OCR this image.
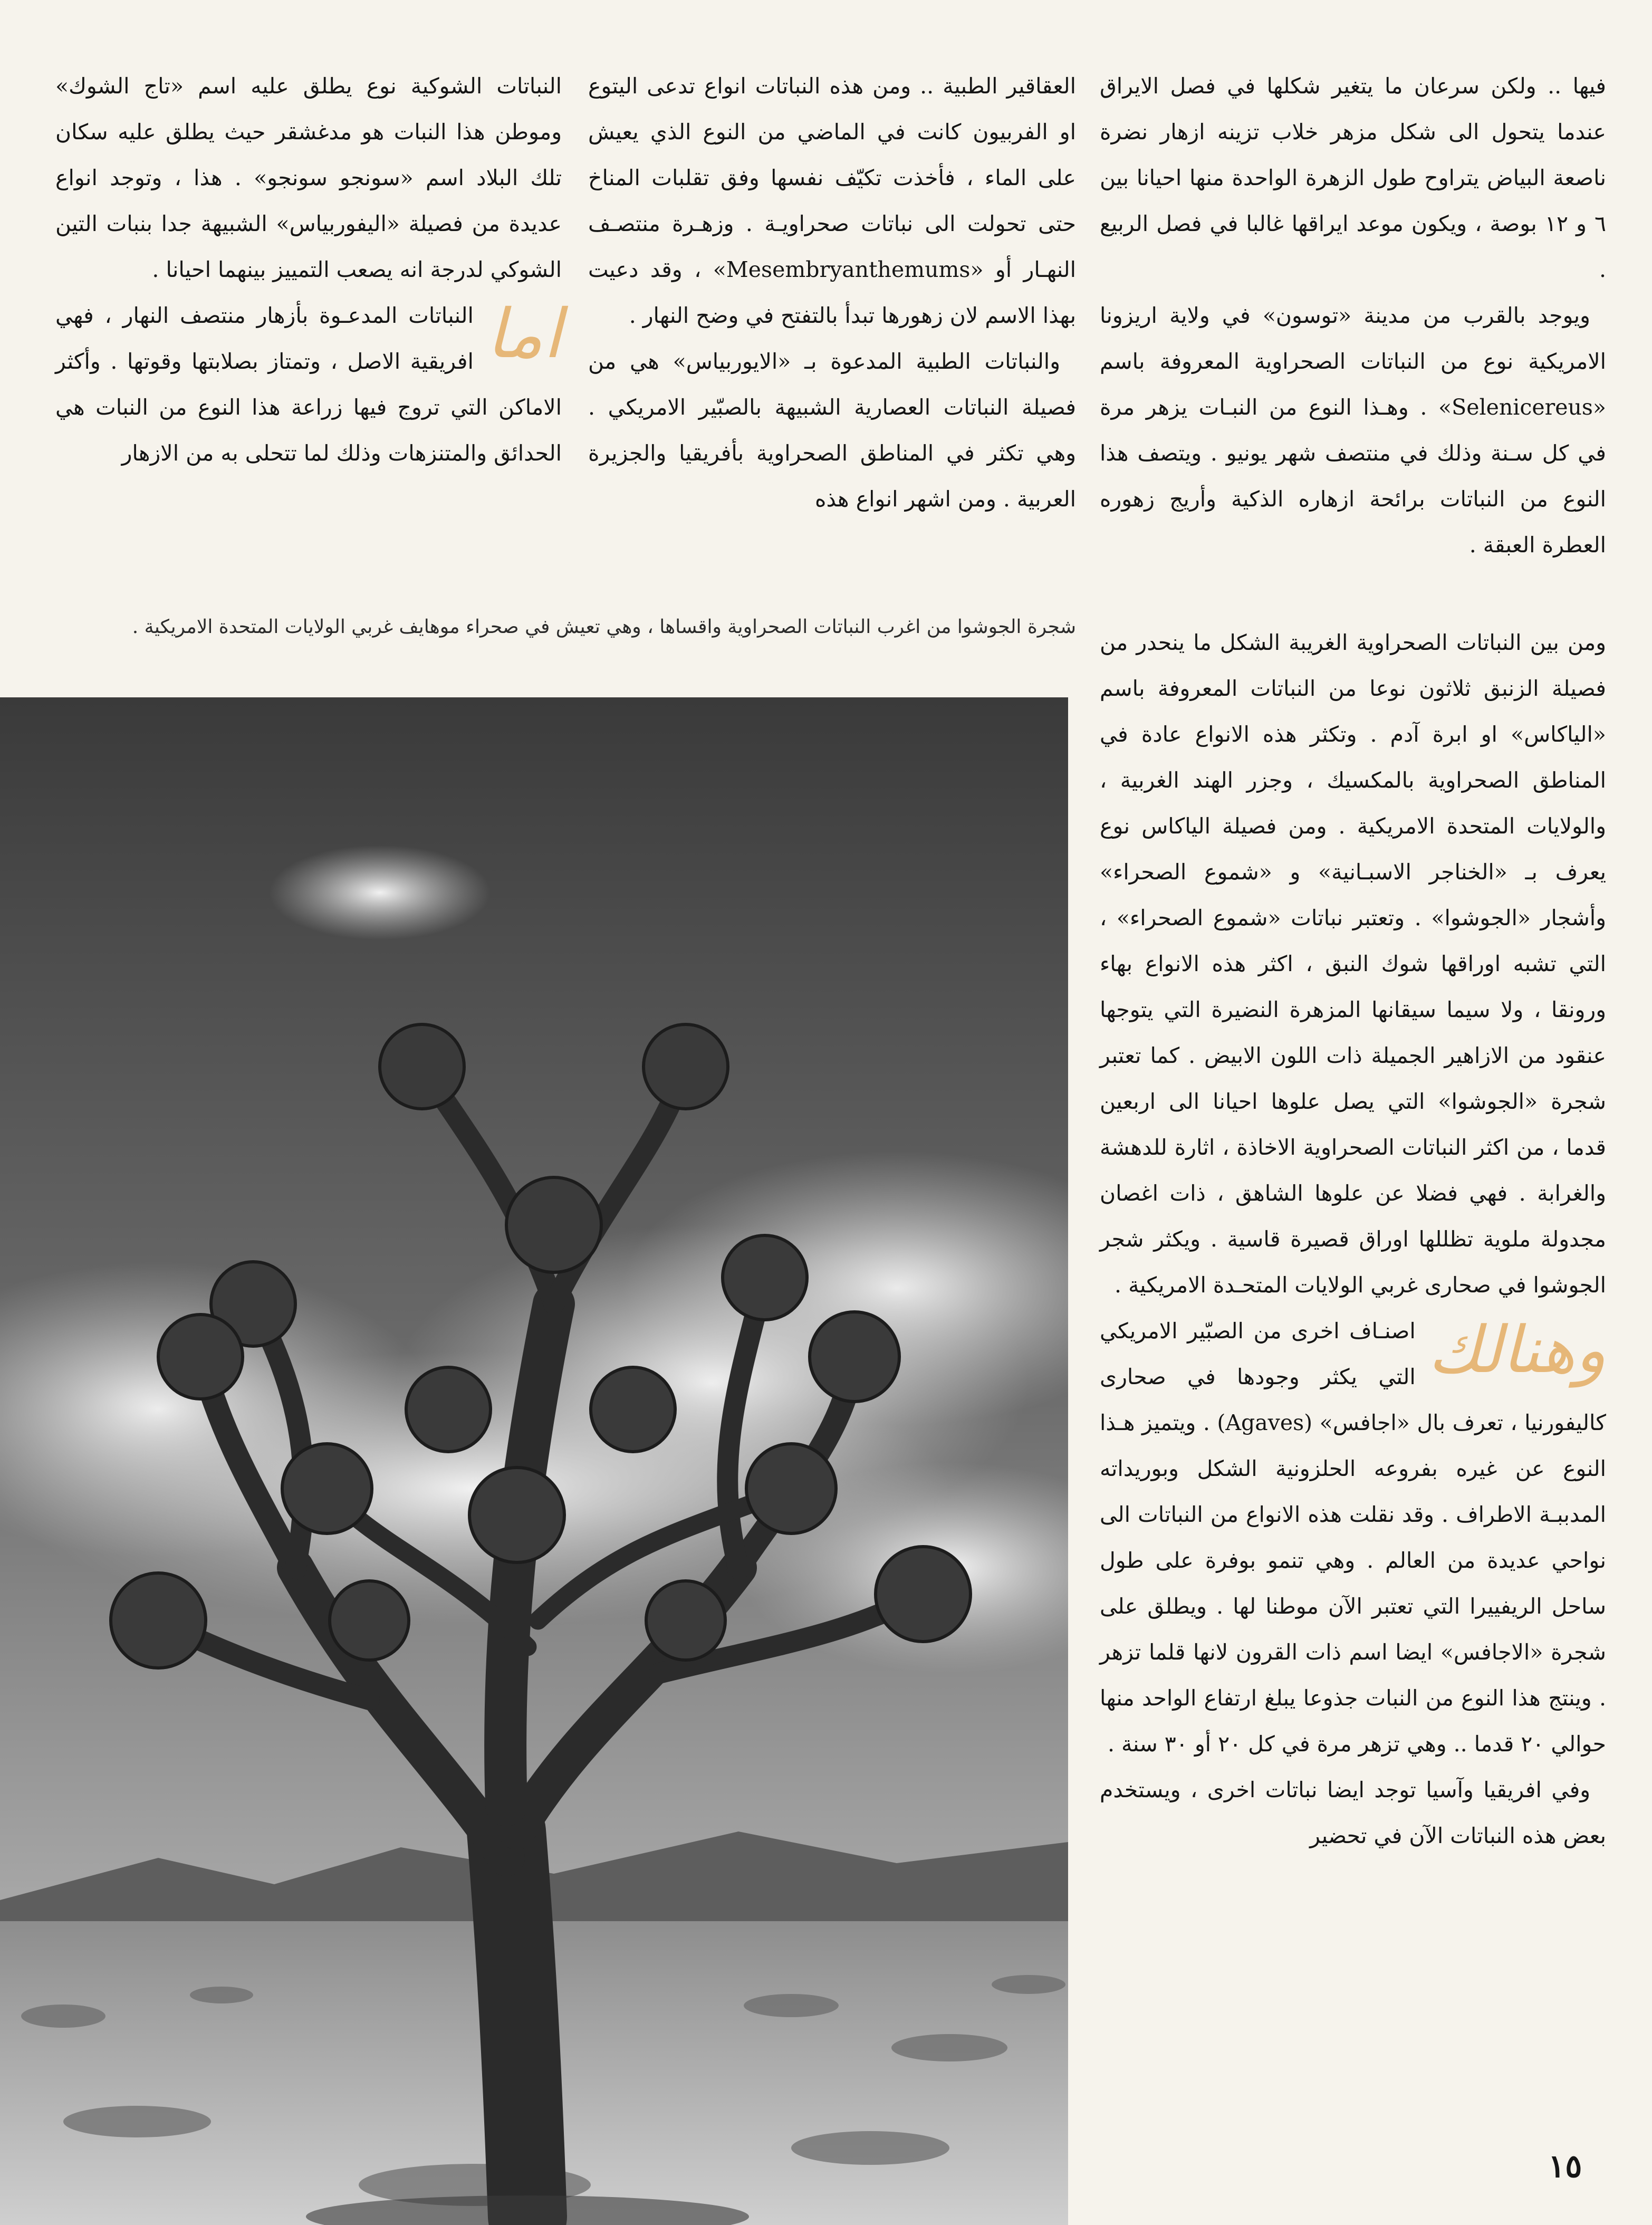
النباتات الشوكية نوع يطلق عليه اسم «تاج الشوك» وموطن هذا النبات هو مدغشقر حيث يطلق عليه سكان تلك البلاد اسم «سونجو سونجو» . هذا ، وتوجد انواع عديدة من فصيلة «اليفوربياس» الشبيهة جدا بنبات التين الشوكي لدرجة انه يصعب التمييز بينهما احيانا .

اما
النباتات المدعـوة بأزهار منتصف النهار ، فهي افريقية الاصل ، وتمتاز بصلابتها وقوتها . وأكثر الاماكن التي تروج فيها زراعة هذا النوع من النبات هي الحدائق والمتنزهات وذلك لما تتحلى به من الازهار

العقاقير الطبية .. ومن هذه النباتات انواع تدعى اليتوع او الفربيون كانت في الماضي من النوع الذي يعيش على الماء ، فأخذت تكيّف نفسها وفق تقلبات المناخ حتى تحولت الى نباتات صحراويـة . وزهـرة منتصـف النهـار أو «Mesembryanthemums» ، وقد دعيت بهذا الاسم لان زهورها تبدأ بالتفتح في وضح النهار .

والنباتات الطبية المدعوة بـ «الايوربياس» هي من فصيلة النباتات العصارية الشبيهة بالصبّير الامريكي . وهي تكثر في المناطق الصحراوية بأفريقيا والجزيرة العربية . ومن اشهر انواع هذه

فيها .. ولكن سرعان ما يتغير شكلها في فصل الايراق عندما يتحول الى شكل مزهر خلاب تزينه ازهار نضرة ناصعة البياض يتراوح طول الزهرة الواحدة منها احيانا بين ٦ و ١٢ بوصة ، ويكون موعد ايراقها غالبا في فصل الربيع .

ويوجد بالقرب من مدينة «توسون» في ولاية اريزونا الامريكية نوع من النباتات الصحراوية المعروفة باسم «Selenicereus» . وهـذا النوع من النبـات يزهر مرة في كل سـنة وذلك في منتصف شهر يونيو . ويتصف هذا النوع من النباتات برائحة ازهاره الذكية وأريج زهوره العطرة العبقة .

ومن بين النباتات الصحراوية الغريبة الشكل ما ينحدر من فصيلة الزنبق ثلاثون نوعا من النباتات المعروفة باسم «الياكاس» او ابرة آدم . وتكثر هذه الانواع عادة في المناطق الصحراوية بالمكسيك ، وجزر الهند الغربية ، والولايات المتحدة الامريكية . ومن فصيلة الياكاس نوع يعرف بـ «الخناجر الاسبـانية» و «شموع الصحراء» وأشجار «الجوشوا» . وتعتبر نباتات «شموع الصحراء» ، التي تشبه اوراقها شوك النبق ، اكثر هذه الانواع بهاء ورونقا ، ولا سيما سيقانها المزهرة النضيرة التي يتوجها عنقود من الازاهير الجميلة ذات اللون الابيض . كما تعتبر شجرة «الجوشوا» التي يصل علوها احيانا الى اربعين قدما ، من اكثر النباتات الصحراوية الاخاذة ، اثارة للدهشة والغرابة . فهي فضلا عن علوها الشاهق ، ذات اغصان مجدولة ملوية تظللها اوراق قصيرة قاسية . ويكثر شجر الجوشوا في صحارى غربي الولايات المتحـدة الامريكية .

وهنالك
اصنـاف اخرى من الصبّير الامريكي التي يكثر وجودها في صحارى كاليفورنيا ، تعرف بال «اجافس» (Agaves) . ويتميز هـذا النوع عن غيره بفروعه الحلزونية الشكل وبوريداته المدببـة الاطراف . وقد نقلت هذه الانواع من النباتات الى نواحي عديدة من العالم . وهي تنمو بوفرة على طول ساحل الريفييرا التي تعتبر الآن موطنا لها . ويطلق على شجرة «الاجافس» ايضا اسم ذات القرون لانها قلما تزهر . وينتج هذا النوع من النبات جذوعا يبلغ ارتفاع الواحد منها حوالي ٢٠ قدما .. وهي تزهر مرة في كل ٢٠ أو ٣٠ سنة .

وفي افريقيا وآسيا توجد ايضا نباتات اخرى ، ويستخدم بعض هذه النباتات الآن في تحضير

شجرة الجوشوا من اغرب النباتات الصحراوية واقساها ، وهي تعيش في صحراء موهايف غربي الولايات المتحدة الامريكية .
١٥
